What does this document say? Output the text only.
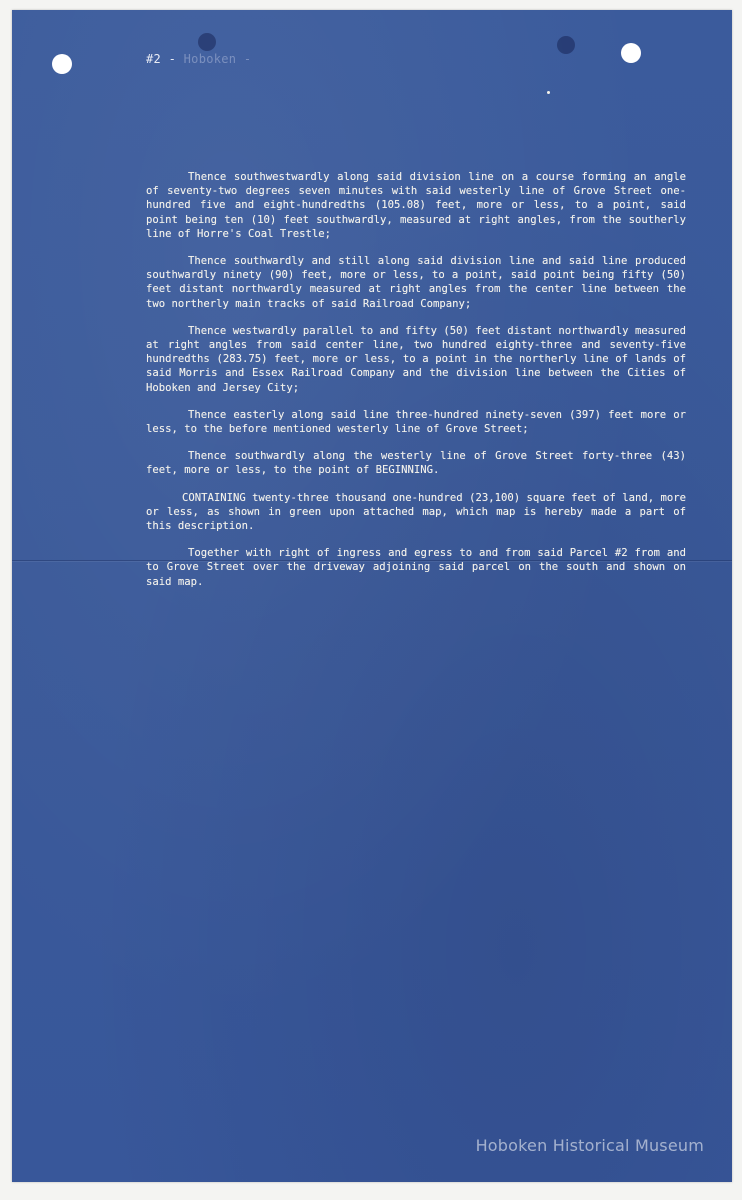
#2 - Hoboken -

Thence southwestwardly along said division line on a course forming an angle of seventy-two degrees seven minutes with said westerly line of Grove Street one-hundred five and eight-hundredths (105.08) feet, more or less, to a point, said point being ten (10) feet southwardly, measured at right angles, from the southerly line of Horre's Coal Trestle;

Thence southwardly and still along said division line and said line produced southwardly ninety (90) feet, more or less, to a point, said point being fifty (50) feet distant northwardly measured at right angles from the center line between the two northerly main tracks of said Railroad Company;

Thence westwardly parallel to and fifty (50) feet distant northwardly measured at right angles from said center line, two hundred eighty-three and seventy-five hundredths (283.75) feet, more or less, to a point in the northerly line of lands of said Morris and Essex Railroad Company and the division line between the Cities of Hoboken and Jersey City;

Thence easterly along said line three-hundred ninety-seven (397) feet more or less, to the before mentioned westerly line of Grove Street;

Thence southwardly along the westerly line of Grove Street forty-three (43) feet, more or less, to the point of BEGINNING.

CONTAINING twenty-three thousand one-hundred (23,100) square feet of land, more or less, as shown in green upon attached map, which map is hereby made a part of this description.

Together with right of ingress and egress to and from said Parcel #2 from and to Grove Street over the driveway adjoining said parcel on the south and shown on said map.

Hoboken Historical Museum
